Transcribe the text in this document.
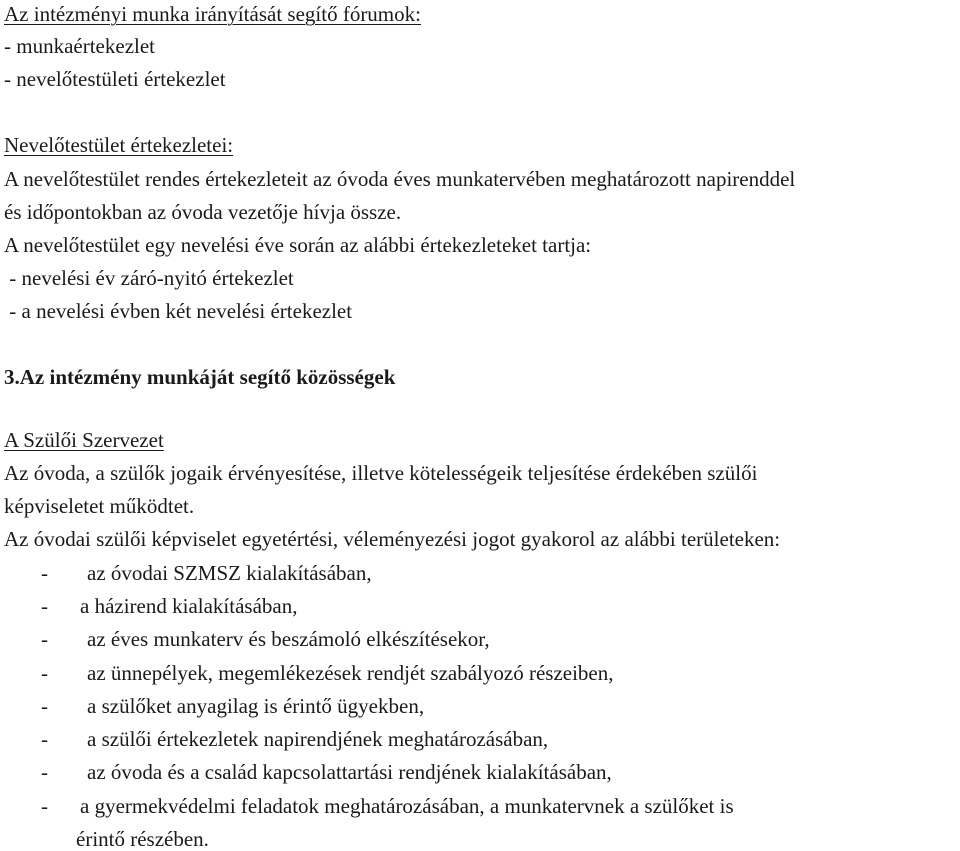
Az intézményi munka irányítását segítő fórumok:
- munkaértekezlet
- nevelőtestületi értekezlet
Nevelőtestület értekezletei:
A nevelőtestület rendes értekezleteit az óvoda éves munkatervében meghatározott napirenddel
és időpontokban az óvoda vezetője hívja össze.
A nevelőtestület egy nevelési éve során az alábbi értekezleteket tartja:
- nevelési év záró-nyitó értekezlet
- a nevelési évben két nevelési értekezlet
3.Az intézmény munkáját segítő közösségek
A Szülői Szervezet
Az óvoda, a szülők jogaik érvényesítése, illetve kötelességeik teljesítése érdekében szülői
képviseletet működtet.
Az óvodai szülői képviselet egyetértési, véleményezési jogot gyakorol az alábbi területeken:
- az óvodai SZMSZ kialakításában,
- a házirend kialakításában,
- az éves munkaterv és beszámoló elkészítésekor,
- az ünnepélyek, megemlékezések rendjét szabályozó részeiben,
- a szülőket anyagilag is érintő ügyekben,
- a szülői értekezletek napirendjének meghatározásában,
- az óvoda és a család kapcsolattartási rendjének kialakításában,
- a gyermekvédelmi feladatok meghatározásában, a munkatervnek a szülőket is
érintő részében.
